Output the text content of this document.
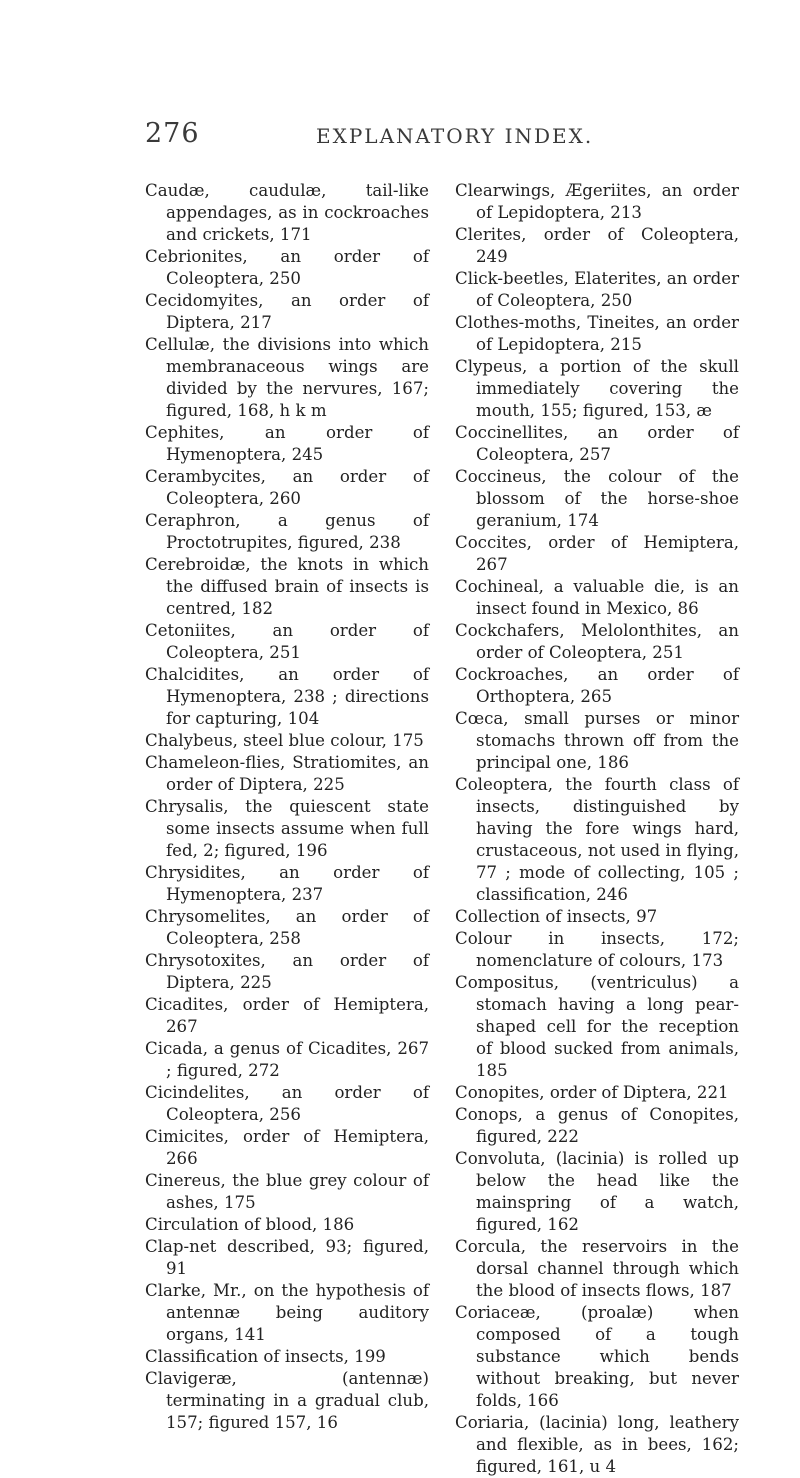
276	EXPLANATORY INDEX.

Caudæ, caudulæ, tail-like appendages, as in cockroaches and crickets, 171

Cebrionites, an order of Coleoptera, 250

Cecidomyites, an order of Diptera, 217

Cellulæ, the divisions into which membranaceous wings are divided by the nervures, 167; figured, 168, h k m

Cephites, an order of Hymenoptera, 245

Cerambycites, an order of Coleoptera, 260

Ceraphron, a genus of Proctotrupites, figured, 238

Cerebroidæ, the knots in which the diffused brain of insects is centred, 182

Cetoniites, an order of Coleoptera, 251

Chalcidites, an order of Hymenoptera, 238 ; directions for capturing, 104

Chalybeus, steel blue colour, 175

Chameleon-flies, Stratiomites, an order of Diptera, 225

Chrysalis, the quiescent state some insects assume when full fed, 2; figured, 196

Chrysidites, an order of Hymenoptera, 237

Chrysomelites, an order of Coleoptera, 258

Chrysotoxites, an order of Diptera, 225

Cicadites, order of Hemiptera, 267

Cicada, a genus of Cicadites, 267 ; figured, 272

Cicindelites, an order of Coleoptera, 256

Cimicites, order of Hemiptera, 266

Cinereus, the blue grey colour of ashes, 175

Circulation of blood, 186

Clap-net described, 93; figured, 91

Clarke, Mr., on the hypothesis of antennæ being auditory organs, 141

Classification of insects, 199

Clavigeræ, (antennæ) terminating in a gradual club, 157; figured 157, 16

Clearwings, Ægeriites, an order of Lepidoptera, 213

Clerites, order of Coleoptera, 249

Click-beetles, Elaterites, an order of Coleoptera, 250

Clothes-moths, Tineites, an order of Lepidoptera, 215

Clypeus, a portion of the skull immediately covering the mouth, 155; figured, 153, æ

Coccinellites, an order of Coleoptera, 257

Coccineus, the colour of the blossom of the horse-shoe geranium, 174

Coccites, order of Hemiptera, 267

Cochineal, a valuable die, is an insect found in Mexico, 86

Cockchafers, Melolonthites, an order of Coleoptera, 251

Cockroaches, an order of Orthoptera, 265

Cœca, small purses or minor stomachs thrown off from the principal one, 186

Coleoptera, the fourth class of insects, distinguished by having the fore wings hard, crustaceous, not used in flying, 77 ; mode of collecting, 105 ; classification, 246

Collection of insects, 97

Colour in insects, 172; nomenclature of colours, 173

Compositus, (ventriculus) a stomach having a long pear-shaped cell for the reception of blood sucked from animals, 185

Conopites, order of Diptera, 221

Conops, a genus of Conopites, figured, 222

Convoluta, (lacinia) is rolled up below the head like the mainspring of a watch, figured, 162

Corcula, the reservoirs in the dorsal channel through which the blood of insects flows, 187

Coriaceæ, (proalæ) when composed of a tough substance which bends without breaking, but never folds, 166

Coriaria, (lacinia) long, leathery and flexible, as in bees, 162; figured, 161, u 4
